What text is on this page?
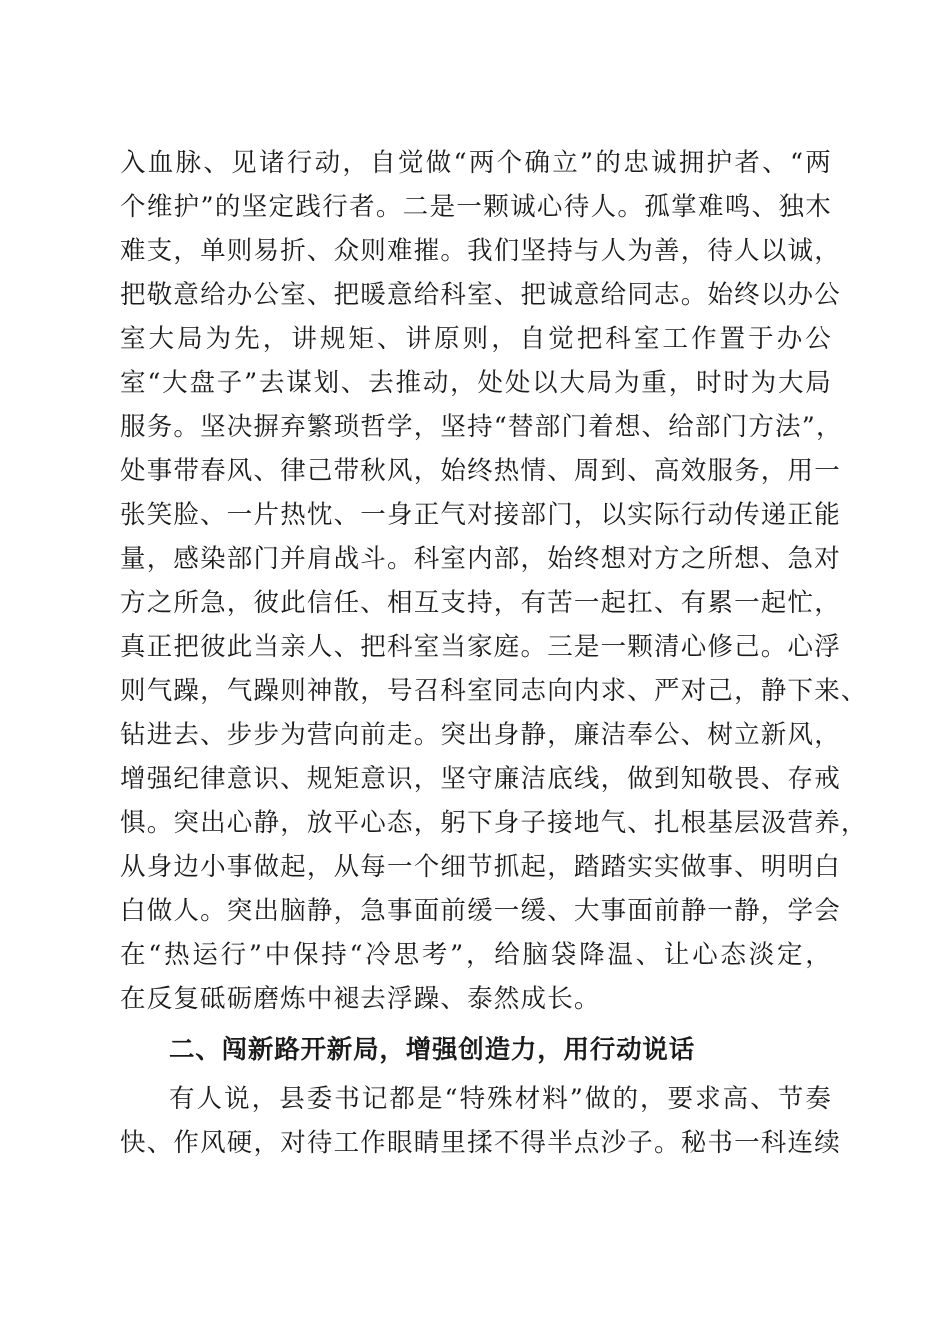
入血脉、见诸行动，自觉做“两个确立”的忠诚拥护者、“两
个维护”的坚定践行者。二是一颗诚心待人。孤掌难鸣、独木
难支，单则易折、众则难摧。我们坚持与人为善，待人以诚，
把敬意给办公室、把暖意给科室、把诚意给同志。始终以办公
室大局为先，讲规矩、讲原则，自觉把科室工作置于办公
室“大盘子”去谋划、去推动，处处以大局为重，时时为大局
服务。坚决摒弃繁琐哲学，坚持“替部门着想、给部门方法”，
处事带春风、律己带秋风，始终热情、周到、高效服务，用一
张笑脸、一片热忱、一身正气对接部门，以实际行动传递正能
量，感染部门并肩战斗。科室内部，始终想对方之所想、急对
方之所急，彼此信任、相互支持，有苦一起扛、有累一起忙，
真正把彼此当亲人、把科室当家庭。三是一颗清心修己。心浮
则气躁，气躁则神散，号召科室同志向内求、严对己，静下来、
钻进去、步步为营向前走。突出身静，廉洁奉公、树立新风，
增强纪律意识、规矩意识，坚守廉洁底线，做到知敬畏、存戒
惧。突出心静，放平心态，躬下身子接地气、扎根基层汲营养，
从身边小事做起，从每一个细节抓起，踏踏实实做事、明明白
白做人。突出脑静，急事面前缓一缓、大事面前静一静，学会
在“热运行”中保持“冷思考”，给脑袋降温、让心态淡定，
在反复砥砺磨炼中褪去浮躁、泰然成长。
二、闯新路开新局，增强创造力，用行动说话
有人说，县委书记都是“特殊材料”做的，要求高、节奏
快、作风硬，对待工作眼睛里揉不得半点沙子。秘书一科连续
